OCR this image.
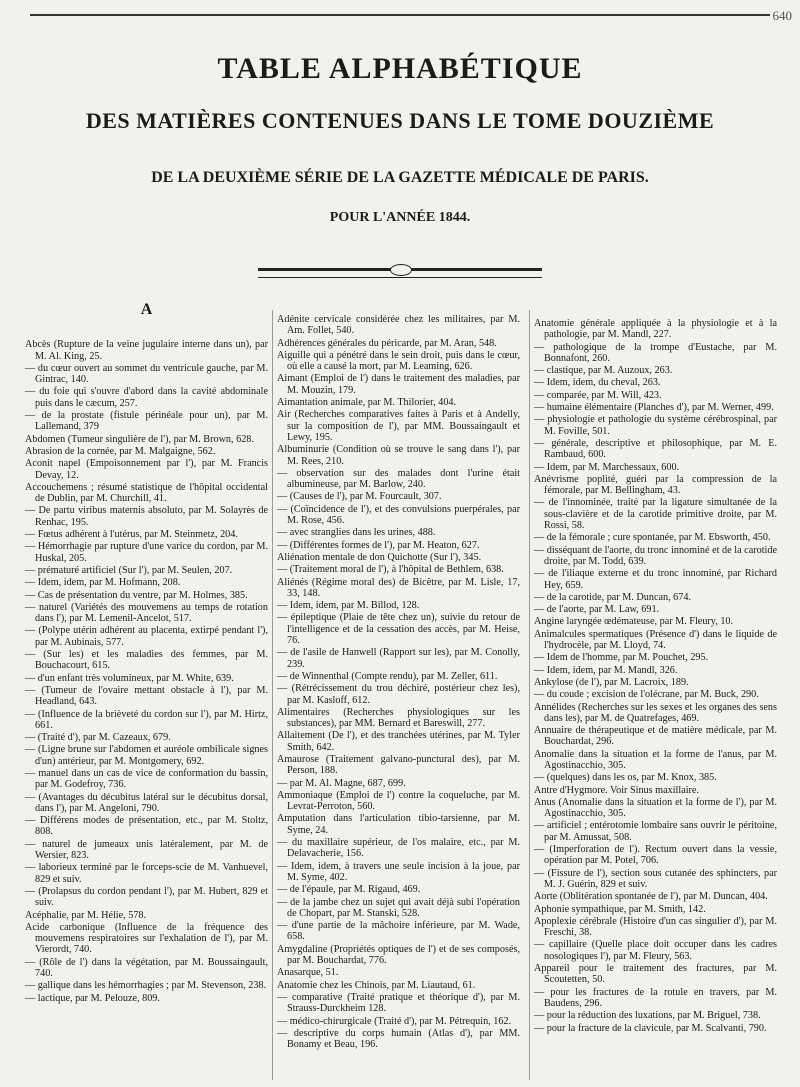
640
TABLE ALPHABÉTIQUE
DES MATIÈRES CONTENUES DANS LE TOME DOUZIÈME
DE LA DEUXIÈME SÉRIE DE LA GAZETTE MÉDICALE DE PARIS.
POUR L'ANNÉE 1844.
A
Abcès (Rupture de la veine jugulaire interne dans un), par M. Al. King, 25.
— du cœur ouvert au sommet du ventricule gauche, par M. Gintrac, 140.
— du foie qui s'ouvre d'abord dans la cavité abdominale puis dans le cæcum, 257.
— de la prostate (fistule périnéale pour un), par M. Lallemand, 379
Abdomen (Tumeur singulière de l'), par M. Brown, 628.
Abrasion de la cornée, par M. Malgaigne, 562.
Aconit napel (Empoisonnement par l'), par M. Francis Devay, 12.
Accouchemens ; résumé statistique de l'hôpital occidental de Dublin, par M. Churchill, 41.
— De partu viribus maternis absoluto, par M. Solayrès de Renhac, 195.
— Fœtus adhérent à l'utérus, par M. Steinmetz, 204.
— Hémorrhagie par rupture d'une varice du cordon, par M. Huskal, 205.
— prématuré artificiel (Sur l'), par M. Seulen, 207.
— Idem, idem, par M. Hofmann, 208.
— Cas de présentation du ventre, par M. Holmes, 385.
— naturel (Variétés des mouvemens au temps de rotation dans l'), par M. Lemenil-Ancelot, 517.
— (Polype utérin adhérent au placenta, extirpé pendant l'), par M. Aubinais, 577.
— (Sur les) et les maladies des femmes, par M. Bouchacourt, 615.
— d'un enfant très volumineux, par M. White, 639.
— (Tumeur de l'ovaire mettant obstacle à l'), par M. Headland, 643.
— (Influence de la brièveté du cordon sur l'), par M. Hirtz, 661.
— (Traité d'), par M. Cazeaux, 679.
— (Ligne brune sur l'abdomen et auréole ombilicale signes d'un) antérieur, par M. Montgomery, 692.
— manuel dans un cas de vice de conformation du bassin, par M. Godefroy, 736.
— (Avantages du décubitus latéral sur le décubitus dorsal, dans l'), par M. Angeloni, 790.
— Différens modes de présentation, etc., par M. Stoltz, 808.
— naturel de jumeaux unis latéralement, par M. de Wersier, 823.
— laborieux terminé par le forceps-scie de M. Vanhuevel, 829 et suiv.
— (Prolapsus du cordon pendant l'), par M. Hubert, 829 et suiv.
Acéphalie, par M. Hélie, 578.
Acide carbonique (Influence de la fréquence des mouvemens respiratoires sur l'exhalation de l'), par M. Vierordt, 740.
— (Rôle de l') dans la végétation, par M. Boussaingault, 740.
— gallique dans les hémorrhagies ; par M. Stevenson, 238.
— lactique, par M. Pelouze, 809.
Adénite cervicale considérée chez les militaires, par M. Am. Follet, 540.
Adhérences générales du péricarde, par M. Aran, 548.
Aiguille qui a pénétré dans le sein droit, puis dans le cœur, où elle a causé la mort, par M. Leaming, 626.
Aimant (Emploi de l') dans le traitement des maladies, par M. Mouzin, 179.
Aimantation animale, par M. Thilorier, 404.
Air (Recherches comparatives faites à Paris et à Andelly, sur la composition de l'), par MM. Boussaingault et Lewy, 195.
Albuminurie (Condition où se trouve le sang dans l'), par M. Rees, 210.
— observation sur des malades dont l'urine était albumineuse, par M. Barlow, 240.
— (Causes de l'), par M. Fourcault, 307.
— (Coïncidence de l'), et des convulsions puerpérales, par M. Rose, 456.
— avec stranglies dans les urines, 488.
— (Différentes formes de l'), par M. Heaton, 627.
Aliénation mentale de don Quichotte (Sur l'), 345.
— (Traitement moral de l'), à l'hôpital de Bethlem, 638.
Aliénés (Régime moral des) de Bicêtre, par M. Lisle, 17, 33, 148.
— Idem, idem, par M. Billod, 128.
— épileptique (Plaie de tête chez un), suivie du retour de l'intelligence et de la cessation des accès, par M. Heise, 76.
— de l'asile de Hanwell (Rapport sur les), par M. Conolly, 239.
— de Winnenthal (Compte rendu), par M. Zeller, 611.
— (Rétrécissement du trou déchiré, postérieur chez les), par M. Kasloff, 612.
Alimentaires (Recherches physiologiques sur les substances), par MM. Bernard et Bareswill, 277.
Allaitement (De l'), et des tranchées utérines, par M. Tyler Smith, 642.
Amaurose (Traitement galvano-punctural des), par M. Person, 188.
— par M. Al. Magne, 687, 699.
Ammoniaque (Emploi de l') contre la coqueluche, par M. Levrat-Perroton, 560.
Amputation dans l'articulation tibio-tarsienne, par M. Syme, 24.
— du maxillaire supérieur, de l'os malaire, etc., par M. Delavacherie, 156.
— Idem, idem, à travers une seule incision à la joue, par M. Syme, 402.
— de l'épaule, par M. Rigaud, 469.
— de la jambe chez un sujet qui avait déjà subi l'opération de Chopart, par M. Stanski, 528.
— d'une partie de la mâchoire inférieure, par M. Wade, 658.
Amygdaline (Propriétés optiques de l') et de ses composés, par M. Bouchardat, 776.
Anasarque, 51.
Anatomie chez les Chinois, par M. Liautaud, 61.
— comparative (Traité pratique et théorique d'), par M. Strauss-Durckheim 128.
— médico-chirurgicale (Traité d'), par M. Pétrequin, 162.
— descriptive du corps humain (Atlas d'), par MM. Bonamy et Beau, 196.
Anatomie générale appliquée à la physiologie et à la pathologie, par M. Mandl, 227.
— pathologique de la trompe d'Eustache, par M. Bonnafont, 260.
— clastique, par M. Auzoux, 263.
— Idem, idem, du cheval, 263.
— comparée, par M. Will, 423.
— humaine élémentaire (Planches d'), par M. Werner, 499.
— physiologie et pathologie du système cérébrospinal, par M. Foville, 501.
— générale, descriptive et philosophique, par M. E. Rambaud, 600.
— Idem, par M. Marchessaux, 600.
Anévrisme poplité, guéri par la compression de la fémorale, par M. Bellingham, 43.
— de l'innominée, traité par la ligature simultanée de la sous-clavière et de la carotide primitive droite, par M. Rossi, 58.
— de la fémorale ; cure spontanée, par M. Ebsworth, 450.
— disséquant de l'aorte, du tronc innominé et de la carotide droite, par M. Todd, 639.
— de l'iliaque externe et du tronc innominé, par Richard Hey, 659.
— de la carotide, par M. Duncan, 674.
— de l'aorte, par M. Law, 691.
Angine laryngée œdémateuse, par M. Fleury, 10.
Animalcules spermatiques (Présence d') dans le liquide de l'hydrocèle, par M. Lloyd, 74.
— Idem de l'homme, par M. Pouchet, 295.
— Idem, idem, par M. Mandl, 326.
Ankylose (de l'), par M. Lacroix, 189.
— du coude ; excision de l'olécrane, par M. Buck, 290.
Annélides (Recherches sur les sexes et les organes des sens dans les), par M. de Quatrefages, 469.
Annuaire de thérapeutique et de matière médicale, par M. Bouchardat, 296.
Anomalie dans la situation et la forme de l'anus, par M. Agostinacchio, 305.
— (quelques) dans les os, par M. Knox, 385.
Antre d'Hygmore. Voir Sinus maxillaire.
Anus (Anomalie dans la situation et la forme de l'), par M. Agostinacchio, 305.
— artificiel ; entérotomie lombaire sans ouvrir le péritoine, par M. Amussat, 508.
— (Imperforation de l'). Rectum ouvert dans la vessie, opération par M. Potel, 706.
— (Fissure de l'), section sous cutanée des sphincters, par M. J. Guérin, 829 et suiv.
Aorte (Oblitération spontanée de l'), par M. Duncan, 404.
Aphonie sympathique, par M. Smith, 142.
Apoplexie cérébrale (Histoire d'un cas singulier d'), par M. Freschi, 38.
— capillaire (Quelle place doit occuper dans les cadres nosologiques l'), par M. Fleury, 563.
Appareil pour le traitement des fractures, par M. Scoutetten, 50.
— pour les fractures de la rotule en travers, par M. Baudens, 296.
— pour la réduction des luxations, par M. Briguel, 738.
— pour la fracture de la clavicule, par M. Scalvanti, 790.
